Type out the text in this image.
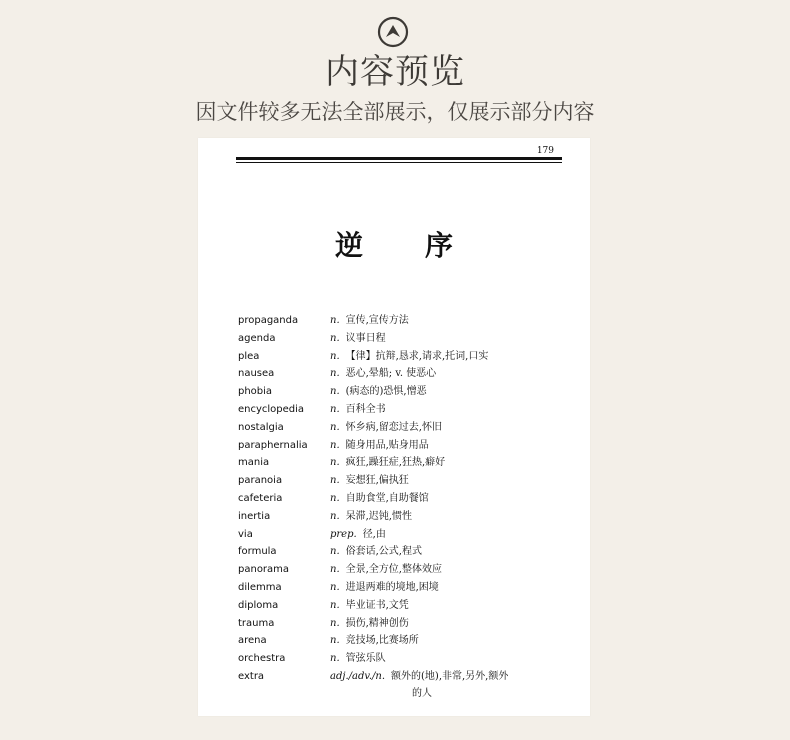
内容预览
因文件较多无法全部展示，仅展示部分内容
179
逆序
propaganda	n. 宣传,宣传方法
agenda	n. 议事日程
plea	n. 【律】抗辩,恳求,请求,托词,口实
nausea	n. 恶心,晕船; v. 使恶心
phobia	n. (病态的)恐惧,憎恶
encyclopedia	n. 百科全书
nostalgia	n. 怀乡病,留恋过去,怀旧
paraphernalia n. 随身用品,贴身用品
mania	n. 疯狂,躁狂症,狂热,癖好
paranoia	n. 妄想狂,偏执狂
cafeteria	n. 自助食堂,自助餐馆
inertia	n. 呆滞,迟钝,惯性
via	prep. 径,由
formula	n. 俗套话,公式,程式
panorama	n. 全景,全方位,整体效应
dilemma	n. 进退两难的境地,困境
diploma	n. 毕业证书,文凭
trauma	n. 损伤,精神创伤
arena	n. 竞技场,比赛场所
orchestra	n. 管弦乐队
extra	adj./adv./n. 额外的(地),非常,另外,额外
的人
